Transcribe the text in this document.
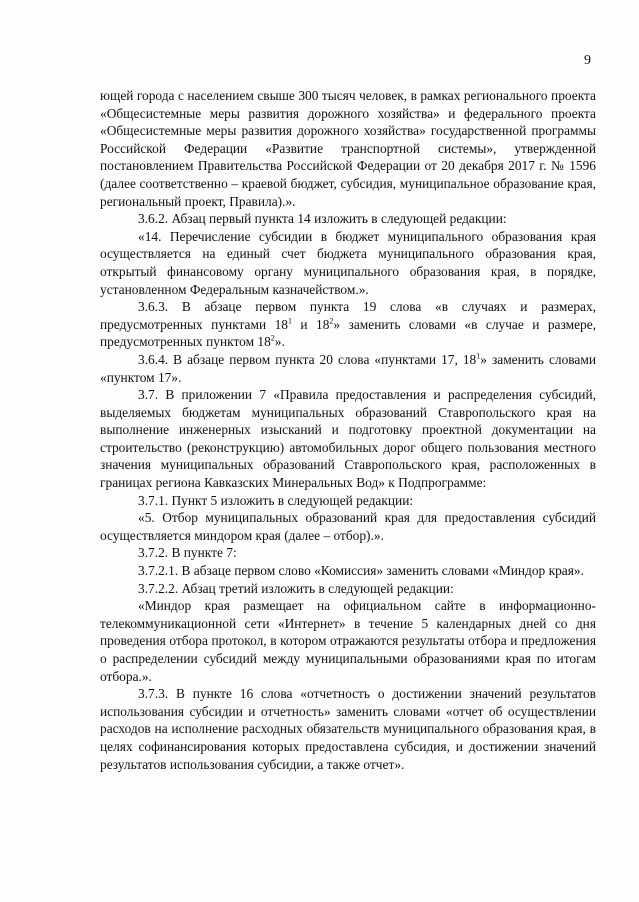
9

ющей города с населением свыше 300 тысяч человек, в рамках регионального проекта «Общесистемные меры развития дорожного хозяйства» и федерального проекта «Общесистемные меры развития дорожного хозяйства» государственной программы Российской Федерации «Развитие транспортной системы», утвержденной постановлением Правительства Российской Федерации от 20 декабря 2017 г. № 1596 (далее соответственно – краевой бюджет, субсидия, муниципальное образование края, региональный проект, Правила).».

3.6.2. Абзац первый пункта 14 изложить в следующей редакции:

«14. Перечисление субсидии в бюджет муниципального образования края осуществляется на единый счет бюджета муниципального образования края, открытый финансовому органу муниципального образования края, в порядке, установленном Федеральным казначейством.».

3.6.3. В абзаце первом пункта 19 слова «в случаях и размерах, предусмотренных пунктами $18^1$ и $18^2$» заменить словами «в случае и размере, предусмотренных пунктом $18^2$».

3.6.4. В абзаце первом пункта 20 слова «пунктами 17, $18^1$» заменить словами «пунктом 17».

3.7. В приложении 7 «Правила предоставления и распределения субсидий, выделяемых бюджетам муниципальных образований Ставропольского края на выполнение инженерных изысканий и подготовку проектной документации на строительство (реконструкцию) автомобильных дорог общего пользования местного значения муниципальных образований Ставропольского края, расположенных в границах региона Кавказских Минеральных Вод» к Подпрограмме:

3.7.1. Пункт 5 изложить в следующей редакции:

«5. Отбор муниципальных образований края для предоставления субсидий осуществляется миндором края (далее – отбор).».

3.7.2. В пункте 7:

3.7.2.1. В абзаце первом слово «Комиссия» заменить словами «Миндор края».

3.7.2.2. Абзац третий изложить в следующей редакции:

«Миндор края размещает на официальном сайте в информационно-телекоммуникационной сети «Интернет» в течение 5 календарных дней со дня проведения отбора протокол, в котором отражаются результаты отбора и предложения о распределении субсидий между муниципальными образованиями края по итогам отбора.».

3.7.3. В пункте 16 слова «отчетность о достижении значений результатов использования субсидии и отчетность» заменить словами «отчет об осуществлении расходов на исполнение расходных обязательств муниципального образования края, в целях софинансирования которых предоставлена субсидия, и достижении значений результатов использования субсидии, а также отчет».
